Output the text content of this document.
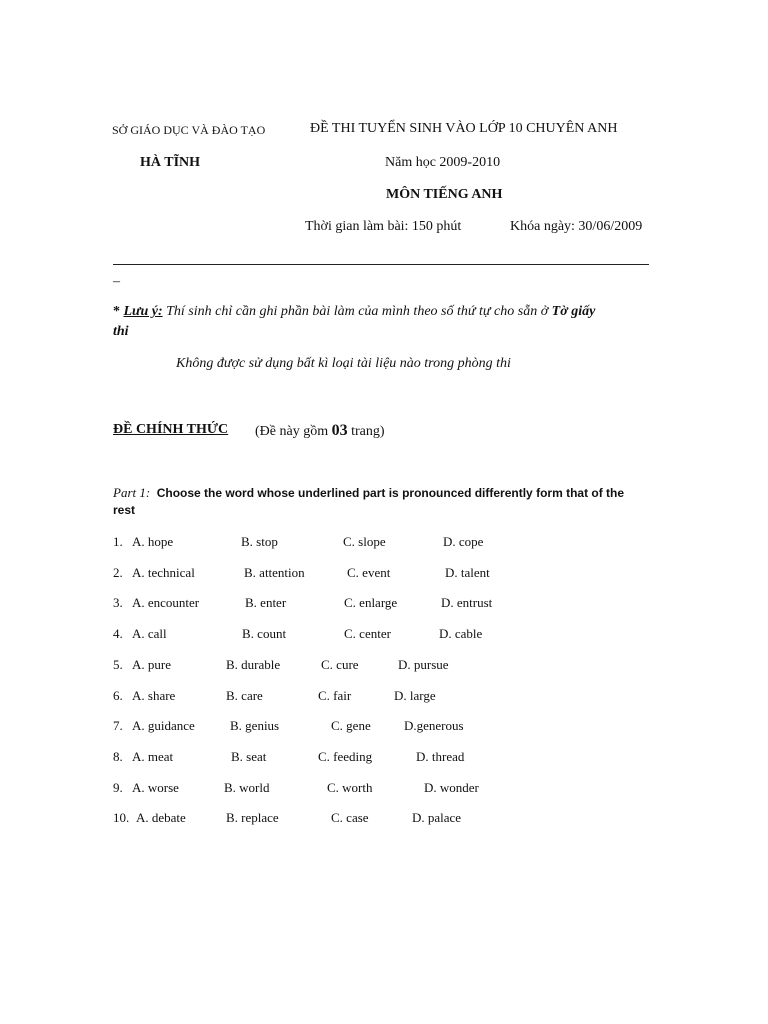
SỞ GIÁO DỤC VÀ ĐÀO TẠO	ĐỀ THI TUYỂN SINH VÀO LỚP 10 CHUYÊN ANH
HÀ TĨNH	Năm học 2009-2010
MÔN TIẾNG ANH
Thời gian làm bài: 150 phút	Khóa ngày: 30/06/2009
–
* Lưu ý: Thí sinh chỉ cần ghi phần bài làm của mình theo số thứ tự cho sẵn ở Tờ giấy
thi
Không được sử dụng bất kì loại tài liệu nào trong phòng thi
ĐỀ CHÍNH THỨC (Đề này gồm 03 trang)
Part 1: Choose the word whose underlined part is pronounced differently form that of the
rest
1. A. hope	B. stop	C. slope	D. cope
2. A. technical	B. attention	C. event	D. talent
3. A. encounter	B. enter	C. enlarge	D. entrust
4. A. call	B. count	C. center	D. cable
5. A. pure	B. durable	C. cure	D. pursue
6. A. share	B. care	C. fair	D. large
7. A. guidance	B. genius	C. gene	D.generous
8. A. meat	B. seat	C. feeding	D. thread
9. A. worse	B. world	C. worth	D. wonder
10. A. debate	B. replace	C. case	D. palace
